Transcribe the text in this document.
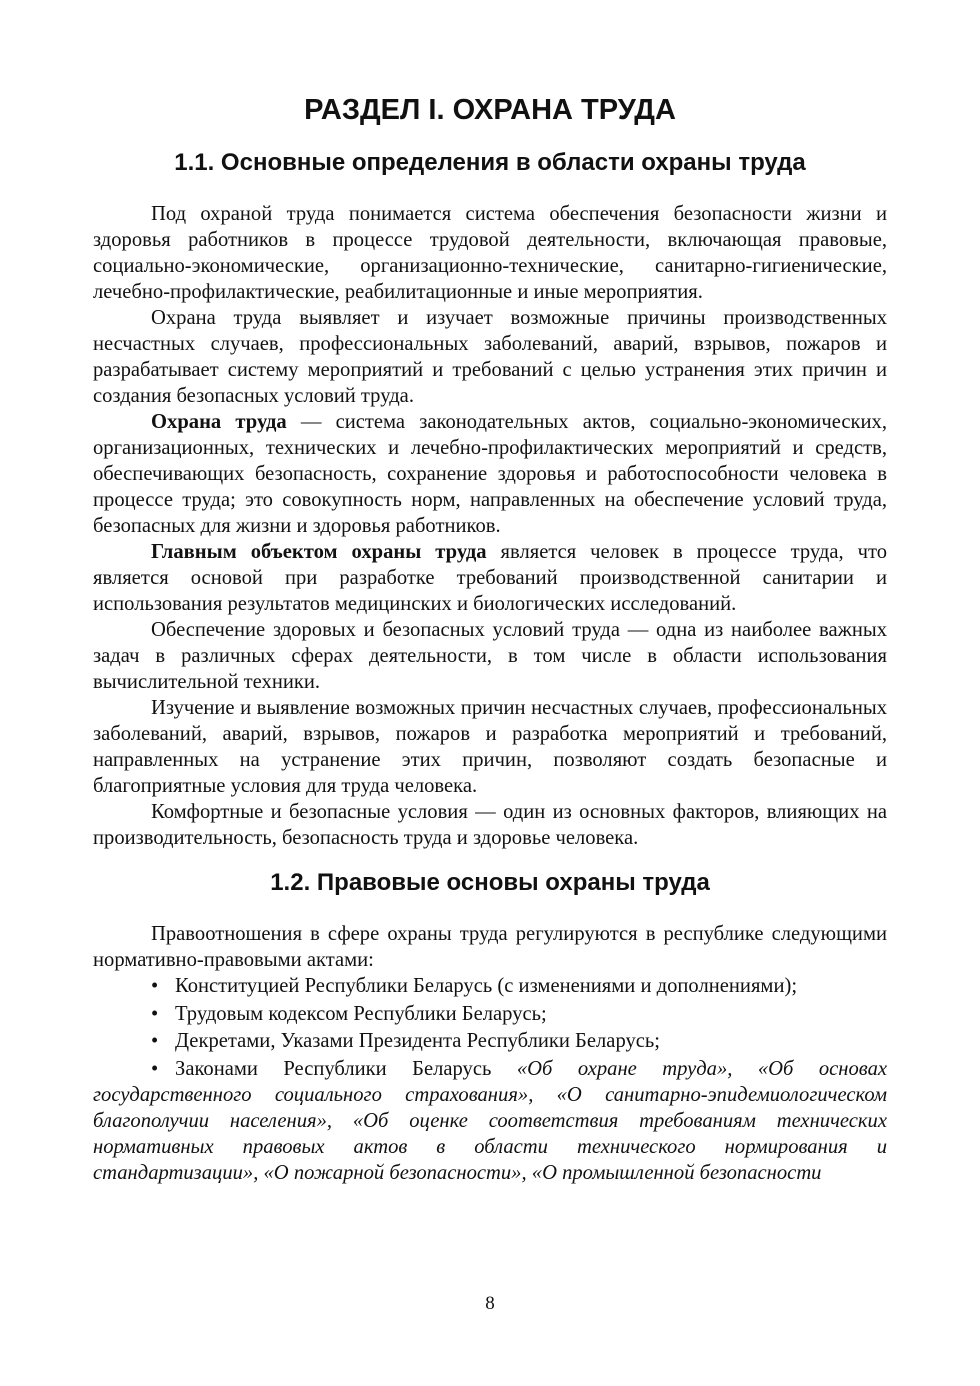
РАЗДЕЛ I. ОХРАНА ТРУДА
1.1. Основные определения в области охраны труда

Под охраной труда понимается система обеспечения безопасности жизни и здоровья работников в процессе трудовой деятельности, включающая правовые, социально-экономические, организационно-технические, санитарно-гигиенические, лечебно-профилактические, реабилитационные и иные мероприятия.

Охрана труда выявляет и изучает возможные причины производственных несчастных случаев, профессиональных заболеваний, аварий, взрывов, пожаров и разрабатывает систему мероприятий и требований с целью устранения этих причин и создания безопасных условий труда.

Охрана труда — система законодательных актов, социально-экономических, организационных, технических и лечебно-профилактических мероприятий и средств, обеспечивающих безопасность, сохранение здоровья и работоспособности человека в процессе труда; это совокупность норм, направленных на обеспечение условий труда, безопасных для жизни и здоровья работников.

Главным объектом охраны труда является человек в процессе труда, что является основой при разработке требований производственной санитарии и использования результатов медицинских и биологических исследований.

Обеспечение здоровых и безопасных условий труда — одна из наиболее важных задач в различных сферах деятельности, в том числе в области использования вычислительной техники.

Изучение и выявление возможных причин несчастных случаев, профессиональных заболеваний, аварий, взрывов, пожаров и разработка мероприятий и требований, направленных на устранение этих причин, позволяют создать безопасные и благоприятные условия для труда человека.

Комфортные и безопасные условия — один из основных факторов, влияющих на производительность, безопасность труда и здоровье человека.

1.2. Правовые основы охраны труда

Правоотношения в сфере охраны труда регулируются в республике следующими нормативно-правовыми актами:

• Конституцией Республики Беларусь (с изменениями и дополнениями);

• Трудовым кодексом Республики Беларусь;

• Декретами, Указами Президента Республики Беларусь;

• Законами Республики Беларусь «Об охране труда», «Об основах государственного социального страхования», «О санитарно-эпидемиологическом благополучии населения», «Об оценке соответствия требованиям технических нормативных правовых актов в области технического нормирования и стандартизации», «О пожарной безопасности», «О промышленной безопасности

8
